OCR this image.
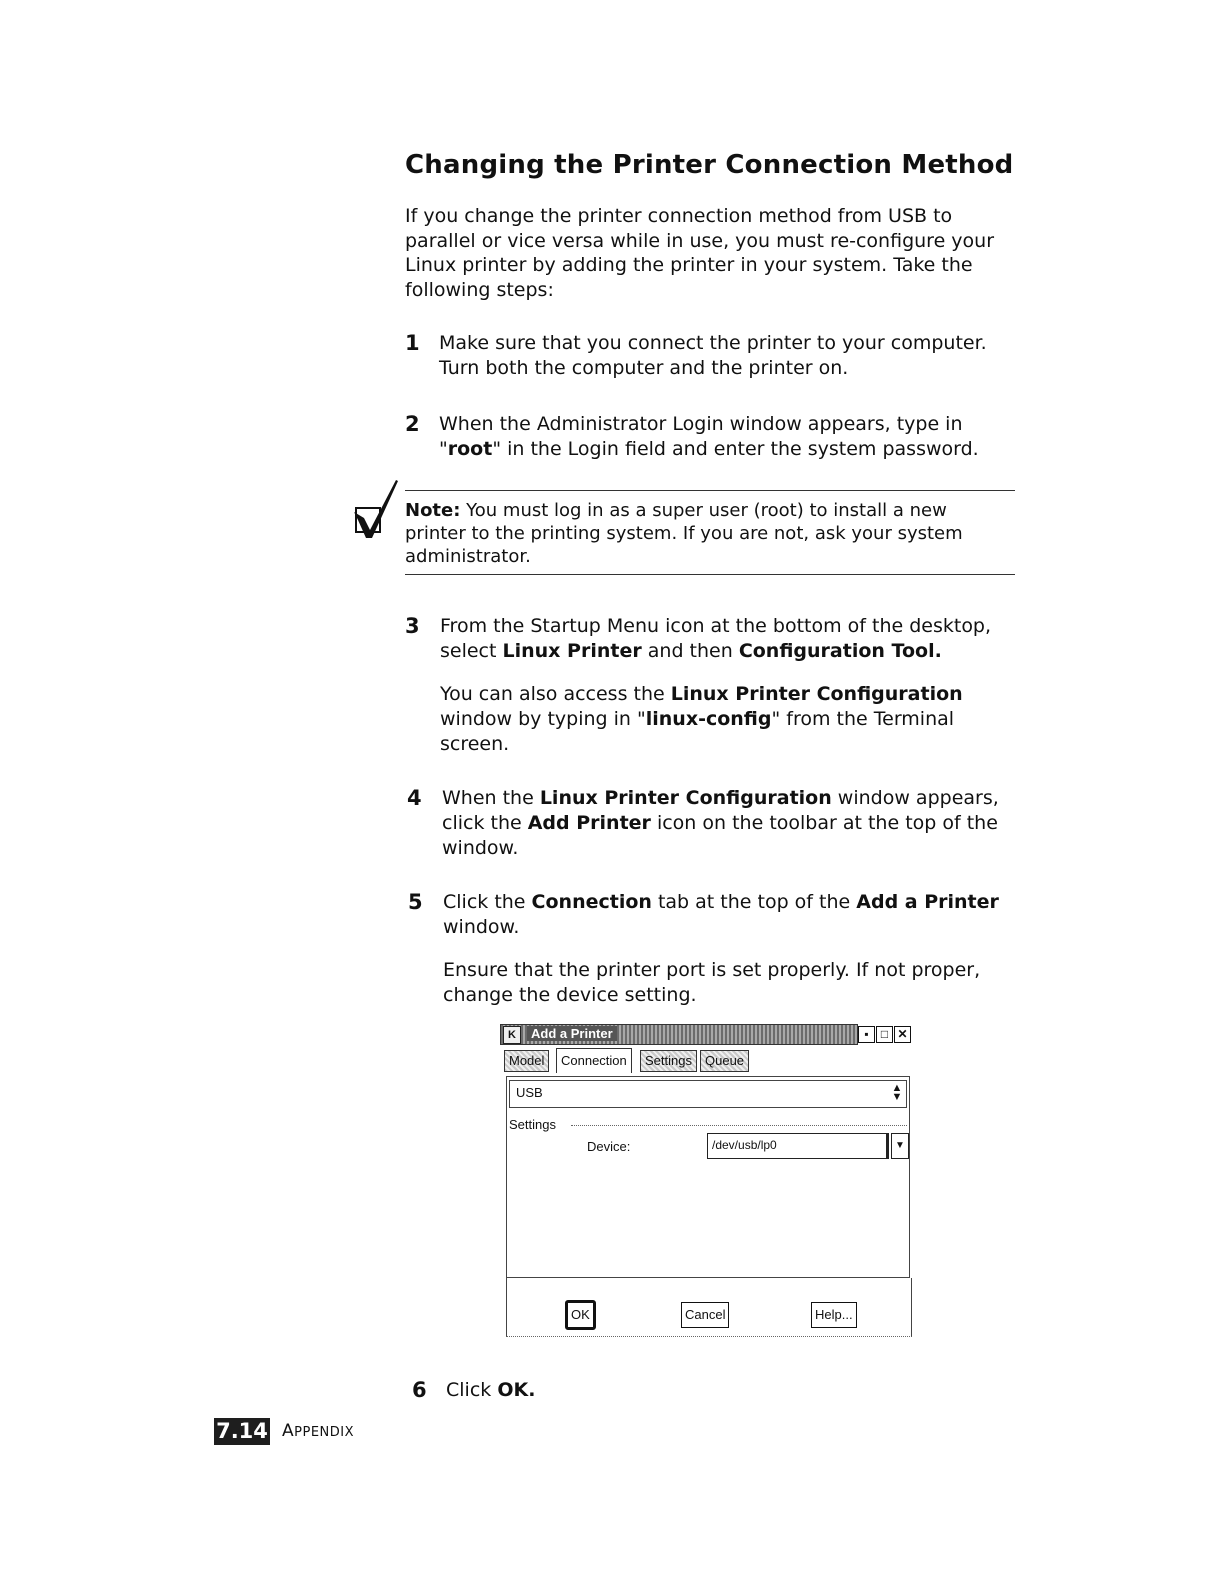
Changing the Printer Connection Method

If you change the printer connection method from USB to parallel or vice versa while in use, you must re-configure your Linux printer by adding the printer in your system. Take the following steps:

1 Make sure that you connect the printer to your computer.
Turn both the computer and the printer on.

2 When the Administrator Login window appears, type in
"root" in the Login field and enter the system password.

Note: You must log in as a super user (root) to install a new printer to the printing system. If you are not, ask your system administrator.

3 From the Startup Menu icon at the bottom of the desktop,
select Linux Printer and then Configuration Tool.

You can also access the Linux Printer Configuration
window by typing in "linux-config" from the Terminal
screen.

4 When the Linux Printer Configuration window appears,
click the Add Printer icon on the toolbar at the top of the
window.

5 Click the Connection tab at the top of the Add a Printer
window.

Ensure that the printer port is set properly. If not proper, change the device setting.

K	Add a Printer	▪	□ ✕
Model	Connection	Settings	Queue
USB	▲
▼
Settings
Device:	/dev/usb/lp0	▼
OK	Cancel	Help...
6 Click OK.

7.14 APPENDIX
